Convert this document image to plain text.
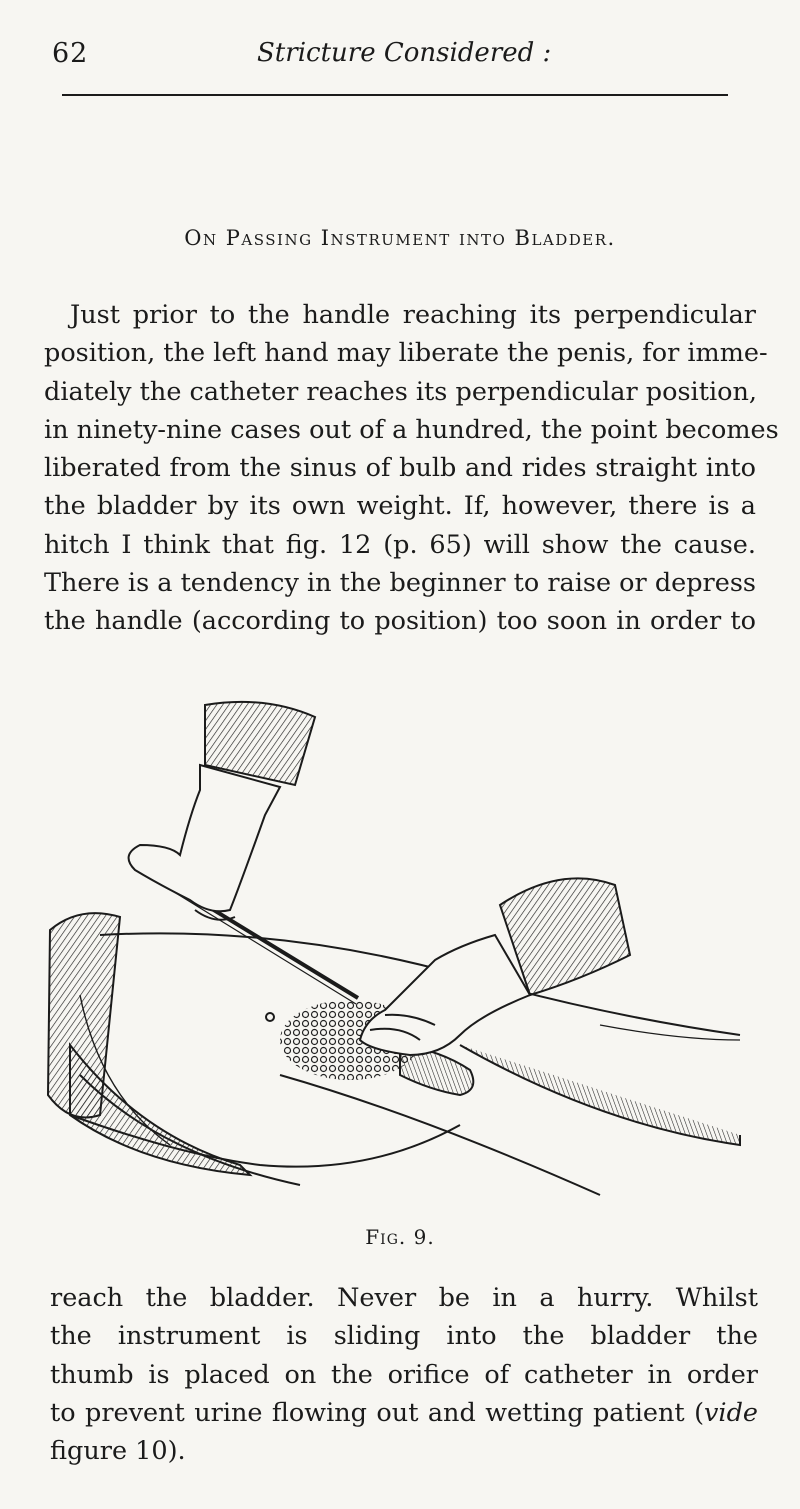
62	Stricture Considered :
On Passing Instrument into Bladder.
Just prior to the handle reaching its perpendicular
position, the left hand may liberate the penis, for imme-
diately the catheter reaches its perpendicular position,
in ninety-nine cases out of a hundred, the point becomes
liberated from the sinus of bulb and rides straight into
the bladder by its own weight. If, however, there is a
hitch I think that fig. 12 (p. 65) will show the cause.
There is a tendency in the beginner to raise or depress
the handle (according to position) too soon in order to
Fig. 9.
reach the bladder. Never be in a hurry. Whilst
the instrument is sliding into the bladder the
thumb is placed on the orifice of catheter in order
to prevent urine flowing out and wetting patient (vide
figure 10).
